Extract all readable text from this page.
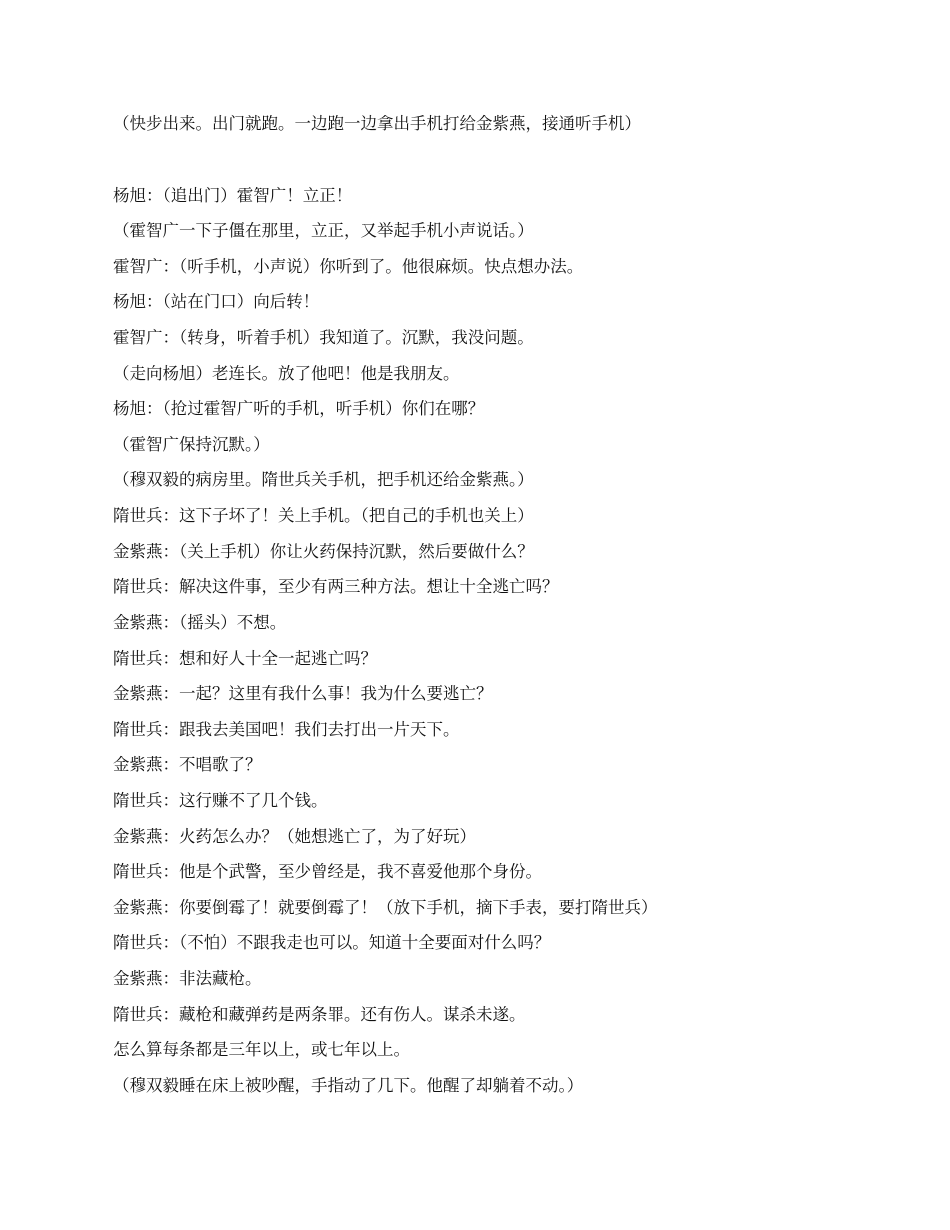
（快步出来。出门就跑。一边跑一边拿出手机打给金紫燕，接通听手机）
杨旭：（追出门）霍智广！立正！
（霍智广一下子僵在那里，立正，又举起手机小声说话。）
霍智广：（听手机，小声说）你听到了。他很麻烦。快点想办法。
杨旭：（站在门口）向后转！
霍智广：（转身，听着手机）我知道了。沉默，我没问题。
（走向杨旭）老连长。放了他吧！他是我朋友。
杨旭：（抢过霍智广听的手机，听手机）你们在哪？
（霍智广保持沉默。）
（穆双毅的病房里。隋世兵关手机，把手机还给金紫燕。）
隋世兵：这下子坏了！关上手机。（把自己的手机也关上）
金紫燕：（关上手机）你让火药保持沉默，然后要做什么？
隋世兵：解决这件事，至少有两三种方法。想让十全逃亡吗？
金紫燕：（摇头）不想。
隋世兵：想和好人十全一起逃亡吗？
金紫燕：一起？这里有我什么事！我为什么要逃亡？
隋世兵：跟我去美国吧！我们去打出一片天下。
金紫燕：不唱歌了？
隋世兵：这行赚不了几个钱。
金紫燕：火药怎么办？（她想逃亡了，为了好玩）
隋世兵：他是个武警，至少曾经是，我不喜爱他那个身份。
金紫燕：你要倒霉了！就要倒霉了！（放下手机，摘下手表，要打隋世兵）
隋世兵：（不怕）不跟我走也可以。知道十全要面对什么吗？
金紫燕：非法藏枪。
隋世兵：藏枪和藏弹药是两条罪。还有伤人。谋杀未遂。
怎么算每条都是三年以上，或七年以上。
（穆双毅睡在床上被吵醒，手指动了几下。他醒了却躺着不动。）
